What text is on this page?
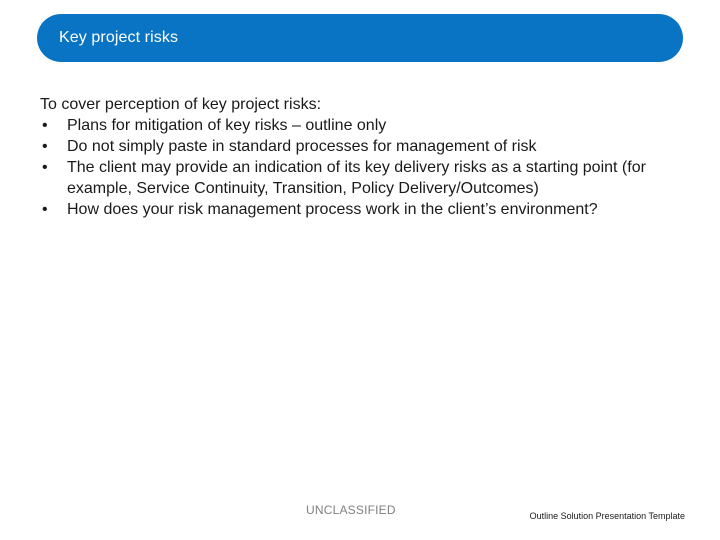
Key project risks

To cover perception of key project risks:

• Plans for mitigation of key risks – outline only
• Do not simply paste in standard processes for management of risk
• The client may provide an indication of its key delivery risks as a starting point (for example, Service Continuity, Transition, Policy Delivery/Outcomes)
• How does your risk management process work in the client’s environment?
UNCLASSIFIED	Outline Solution Presentation Template
